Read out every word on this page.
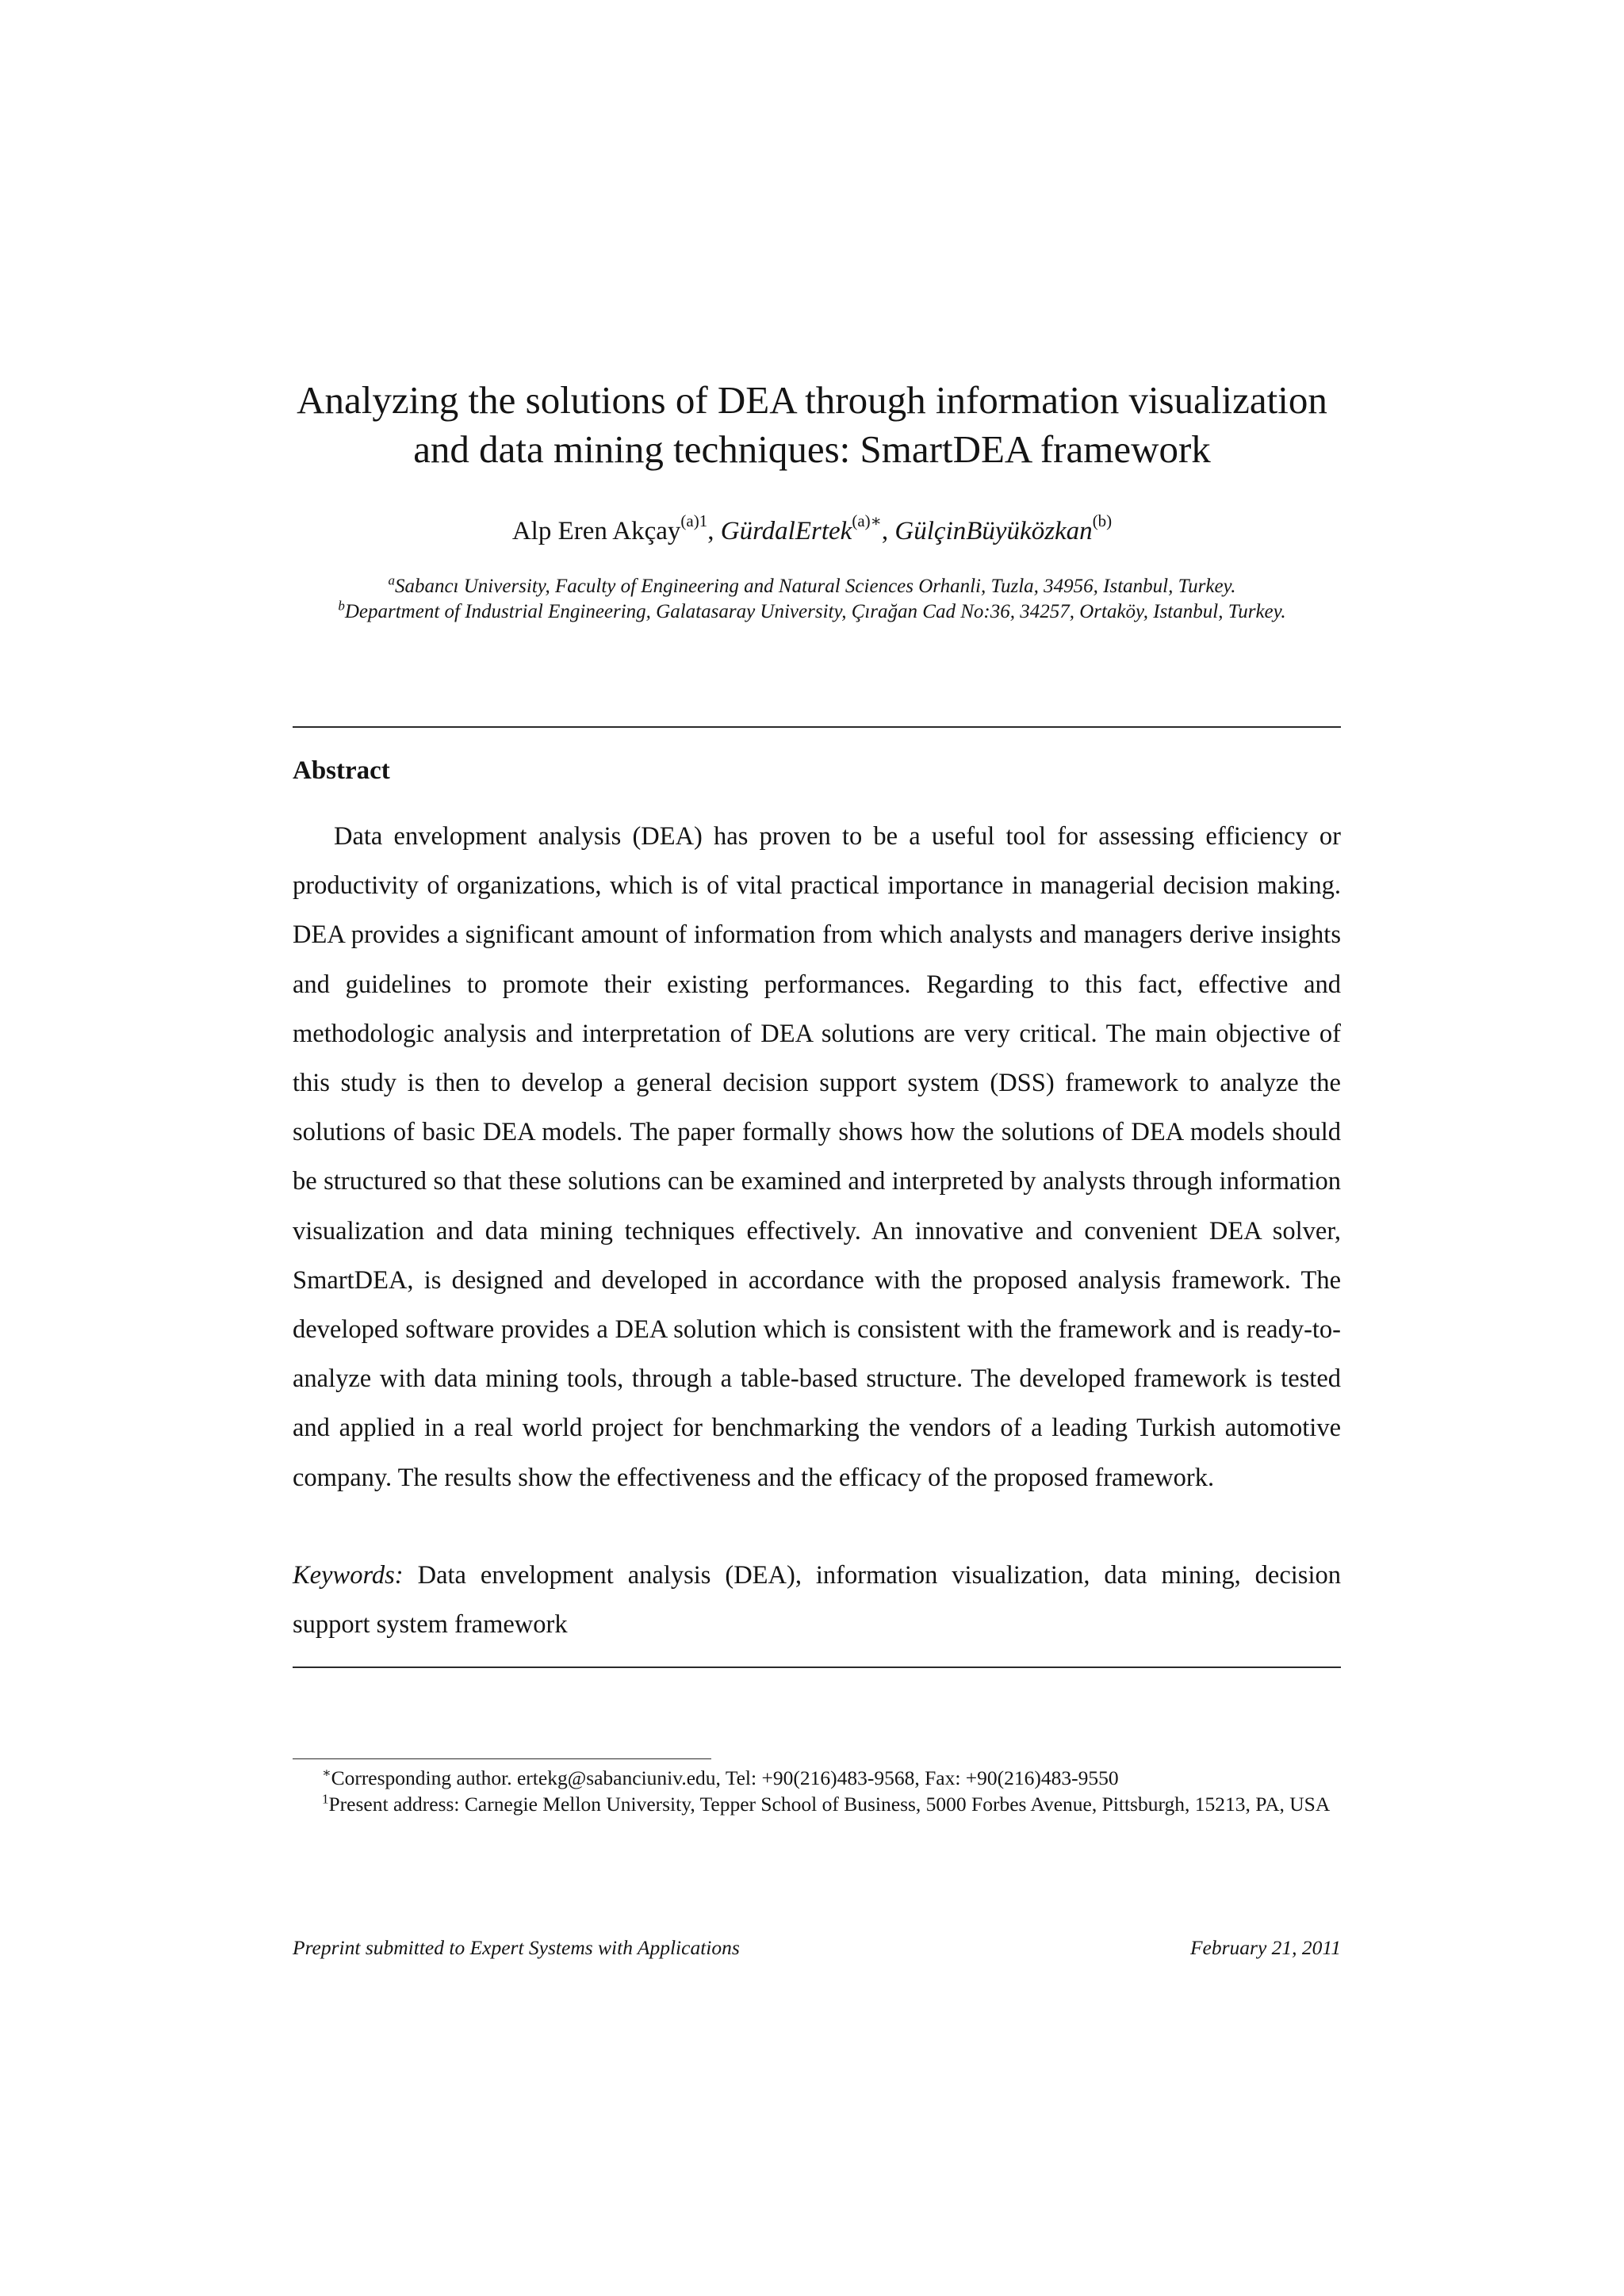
Analyzing the solutions of DEA through information visualization
and data mining techniques: SmartDEA framework
Alp Eren Akçay$^{(a)1}$, GürdalErtek$^{(a)∗}$, GülçinBüyüközkan$^{(b)}$
$^a$Sabancı University, Faculty of Engineering and Natural Sciences Orhanli, Tuzla, 34956, Istanbul, Turkey.
$^b$Department of Industrial Engineering, Galatasaray University, Çırağan Cad No:36, 34257, Ortaköy, Istanbul, Turkey.
Abstract

Data envelopment analysis (DEA) has proven to be a useful tool for assessing efficiency or productivity of organizations, which is of vital practical importance in managerial decision making. DEA provides a significant amount of information from which analysts and managers derive insights and guidelines to promote their existing performances. Regarding to this fact, effective and methodologic analysis and interpretation of DEA solutions are very critical. The main objective of this study is then to develop a general decision support system (DSS) framework to analyze the solutions of basic DEA models. The paper formally shows how the solutions of DEA models should be structured so that these solutions can be examined and interpreted by analysts through information visualization and data mining techniques effectively. An innovative and convenient DEA solver, SmartDEA, is designed and developed in accordance with the proposed analysis framework. The developed software provides a DEA solution which is consistent with the framework and is ready-to-analyze with data mining tools, through a table-based structure. The developed framework is tested and applied in a real world project for benchmarking the vendors of a leading Turkish automotive company. The results show the effectiveness and the efficacy of the proposed framework.

Keywords: Data envelopment analysis (DEA), information visualization, data mining, decision support system framework

∗Corresponding author. ertekg@sabanciuniv.edu, Tel: +90(216)483-9568, Fax: +90(216)483-9550

$^1$Present address: Carnegie Mellon University, Tepper School of Business, 5000 Forbes Avenue, Pittsburgh, 15213, PA, USA

Preprint submitted to Expert Systems with Applications	February 21, 2011
